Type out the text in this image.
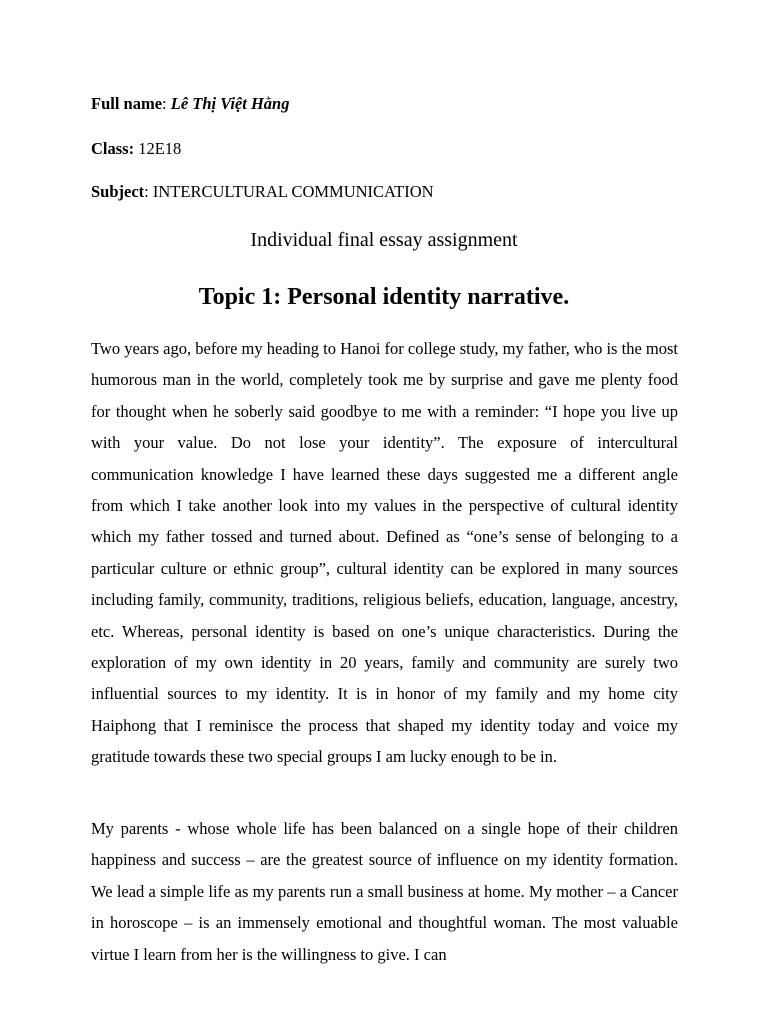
Full name: Lê Thị Việt Hằng
Class: 12E18
Subject: INTERCULTURAL COMMUNICATION
Individual final essay assignment
Topic 1: Personal identity narrative.

Two years ago, before my heading to Hanoi for college study, my father, who is the most humorous man in the world, completely took me by surprise and gave me plenty food for thought when he soberly said goodbye to me with a reminder: “I hope you live up with your value. Do not lose your identity”. The exposure of intercultural communication knowledge I have learned these days suggested me a different angle from which I take another look into my values in the perspective of cultural identity which my father tossed and turned about. Defined as “one’s sense of belonging to a particular culture or ethnic group”, cultural identity can be explored in many sources including family, community, traditions, religious beliefs, education, language, ancestry, etc. Whereas, personal identity is based on one’s unique characteristics. During the exploration of my own identity in 20 years, family and community are surely two influential sources to my identity. It is in honor of my family and my home city Haiphong that I reminisce the process that shaped my identity today and voice my gratitude towards these two special groups I am lucky enough to be in.

My parents - whose whole life has been balanced on a single hope of their children happiness and success – are the greatest source of influence on my identity formation. We lead a simple life as my parents run a small business at home. My mother – a Cancer in horoscope – is an immensely emotional and thoughtful woman. The most valuable virtue I learn from her is the willingness to give. I can
